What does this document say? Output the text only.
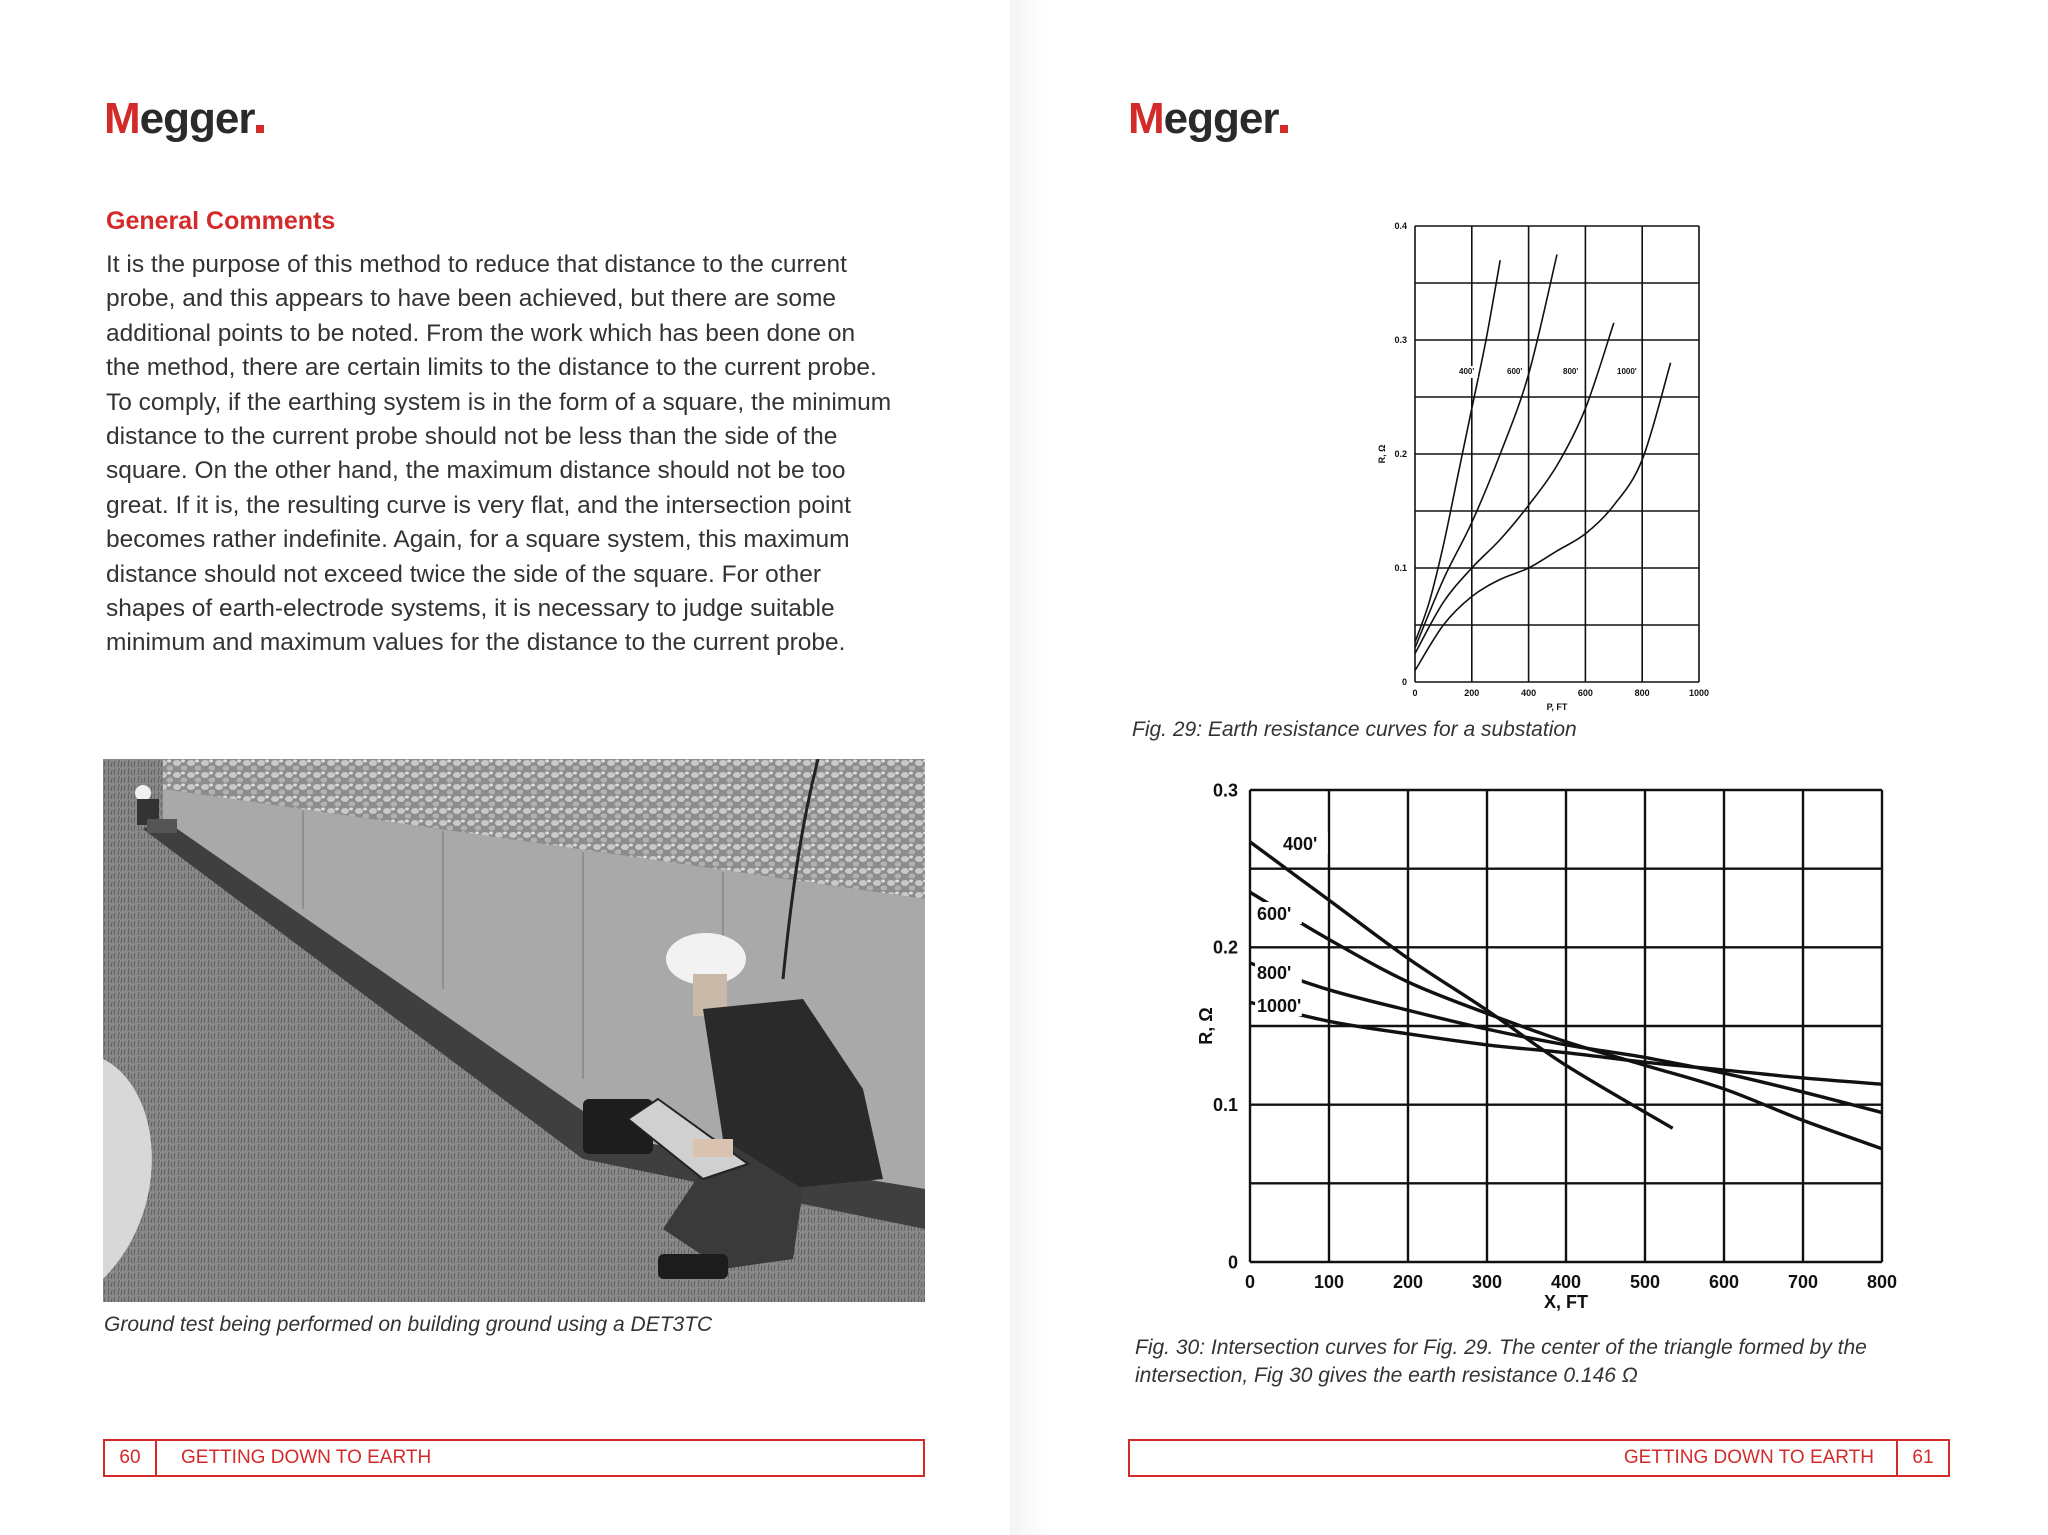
Megger
General Comments

It is the purpose of this method to reduce that distance to the current
probe, and this appears to have been achieved, but there are some
additional points to be noted. From the work which has been done on
the method, there are certain limits to the distance to the current probe.
To comply, if the earthing system is in the form of a square, the minimum
distance to the current probe should not be less than the side of the
square. On the other hand, the maximum distance should not be too
great. If it is, the resulting curve is very flat, and the intersection point
becomes rather indefinite. Again, for a square system, this maximum
distance should not exceed twice the side of the square. For other
shapes of earth-electrode systems, it is necessary to judge suitable
minimum and maximum values for the distance to the current probe.

Ground test being performed on building ground using a DET3TC
60	GETTING DOWN TO EARTH
Megger
0	200	400	600	800	1000
0
0.1
0.2
0.3
0.4
P, FT
R, Ω
400'	600'	800'	1000'
Fig. 29: Earth resistance curves for a substation
0	100	200	300	400	500	600	700	800
0
0.1
0.2
0.3
X, FT
R, Ω
400'
600'
800'
1000'
Fig. 30: Intersection curves for Fig. 29. The center of the triangle formed by the
intersection, Fig 30 gives the earth resistance 0.146 Ω
GETTING DOWN TO EARTH	61
